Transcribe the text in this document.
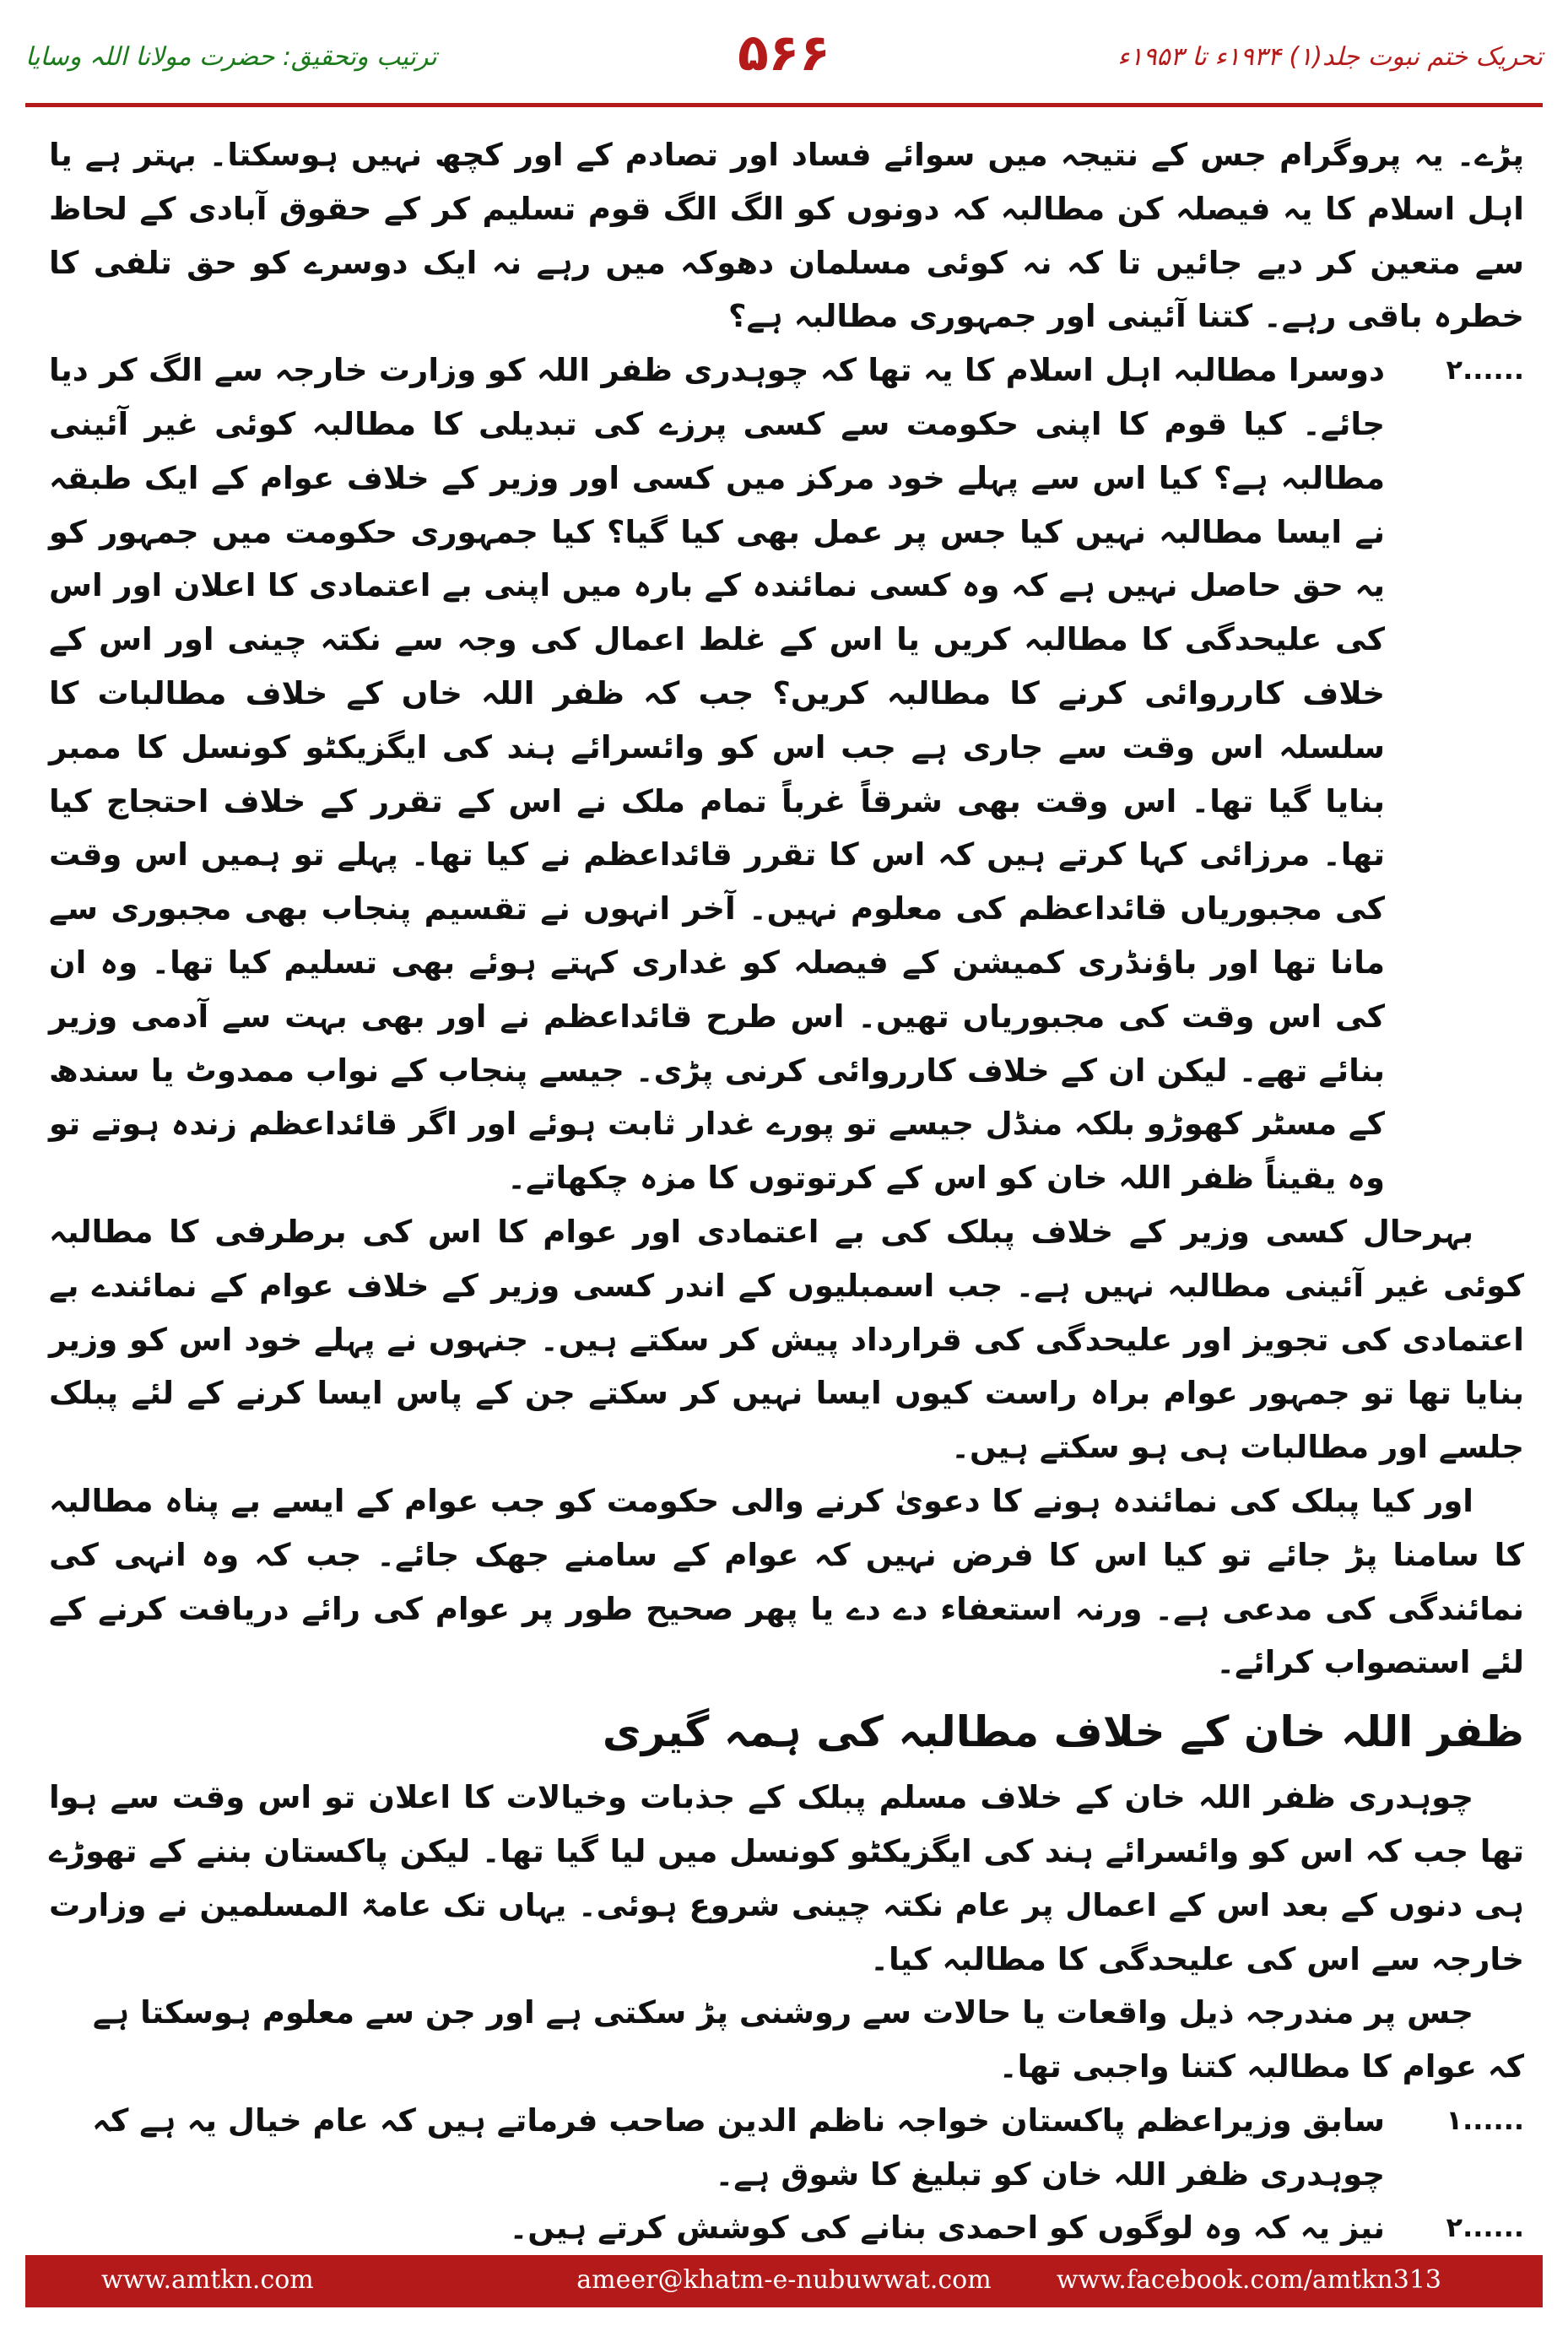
ترتیب وتحقیق: حضرت مولانا اللہ وسایا	۵۶۶	تحریک ختم نبوت جلد(۱) ۱۹۳۴ء تا ۱۹۵۳ء

پڑے۔ یہ پروگرام جس کے نتیجہ میں سوائے فساد اور تصادم کے اور کچھ نہیں ہوسکتا۔ بہتر ہے یا اہل اسلام کا یہ فیصلہ کن مطالبہ کہ دونوں کو الگ الگ قوم تسلیم کر کے حقوق آبادی کے لحاظ سے متعین کر دیے جائیں تا کہ نہ کوئی مسلمان دھوکہ میں رہے نہ ایک دوسرے کو حق تلفی کا خطرہ باقی رہے۔ کتنا آئینی اور جمہوری مطالبہ ہے؟

۲......
دوسرا مطالبہ اہل اسلام کا یہ تھا کہ چوہدری ظفر اللہ کو وزارت خارجہ سے الگ کر دیا جائے۔ کیا قوم کا اپنی حکومت سے کسی پرزے کی تبدیلی کا مطالبہ کوئی غیر آئینی مطالبہ ہے؟ کیا اس سے پہلے خود مرکز میں کسی اور وزیر کے خلاف عوام کے ایک طبقہ نے ایسا مطالبہ نہیں کیا جس پر عمل بھی کیا گیا؟ کیا جمہوری حکومت میں جمہور کو یہ حق حاصل نہیں ہے کہ وہ کسی نمائندہ کے بارہ میں اپنی بے اعتمادی کا اعلان اور اس کی علیحدگی کا مطالبہ کریں یا اس کے غلط اعمال کی وجہ سے نکتہ چینی اور اس کے خلاف کارروائی کرنے کا مطالبہ کریں؟ جب کہ ظفر اللہ خاں کے خلاف مطالبات کا سلسلہ اس وقت سے جاری ہے جب اس کو وائسرائے ہند کی ایگزیکٹو کونسل کا ممبر بنایا گیا تھا۔ اس وقت بھی شرقاً غرباً تمام ملک نے اس کے تقرر کے خلاف احتجاج کیا تھا۔ مرزائی کہا کرتے ہیں کہ اس کا تقرر قائداعظم نے کیا تھا۔ پہلے تو ہمیں اس وقت کی مجبوریاں قائداعظم کی معلوم نہیں۔ آخر انہوں نے تقسیم پنجاب بھی مجبوری سے مانا تھا اور باؤنڈری کمیشن کے فیصلہ کو غداری کہتے ہوئے بھی تسلیم کیا تھا۔ وہ ان کی اس وقت کی مجبوریاں تھیں۔ اس طرح قائداعظم نے اور بھی بہت سے آدمی وزیر بنائے تھے۔ لیکن ان کے خلاف کارروائی کرنی پڑی۔ جیسے پنجاب کے نواب ممدوٹ یا سندھ کے مسٹر کھوڑو بلکہ منڈل جیسے تو پورے غدار ثابت ہوئے اور اگر قائداعظم زندہ ہوتے تو وہ یقیناً ظفر اللہ خان کو اس کے کرتوتوں کا مزہ چکھاتے۔

بہرحال کسی وزیر کے خلاف پبلک کی بے اعتمادی اور عوام کا اس کی برطرفی کا مطالبہ کوئی غیر آئینی مطالبہ نہیں ہے۔ جب اسمبلیوں کے اندر کسی وزیر کے خلاف عوام کے نمائندے بے اعتمادی کی تجویز اور علیحدگی کی قرارداد پیش کر سکتے ہیں۔ جنہوں نے پہلے خود اس کو وزیر بنایا تھا تو جمہور عوام براہ راست کیوں ایسا نہیں کر سکتے جن کے پاس ایسا کرنے کے لئے پبلک جلسے اور مطالبات ہی ہو سکتے ہیں۔

اور کیا پبلک کی نمائندہ ہونے کا دعویٰ کرنے والی حکومت کو جب عوام کے ایسے بے پناہ مطالبہ کا سامنا پڑ جائے تو کیا اس کا فرض نہیں کہ عوام کے سامنے جھک جائے۔ جب کہ وہ انہی کی نمائندگی کی مدعی ہے۔ ورنہ استعفاء دے دے یا پھر صحیح طور پر عوام کی رائے دریافت کرنے کے لئے استصواب کرائے۔

ظفر اللہ خان کے خلاف مطالبہ کی ہمہ گیری

چوہدری ظفر اللہ خان کے خلاف مسلم پبلک کے جذبات وخیالات کا اعلان تو اس وقت سے ہوا تھا جب کہ اس کو وائسرائے ہند کی ایگزیکٹو کونسل میں لیا گیا تھا۔ لیکن پاکستان بننے کے تھوڑے ہی دنوں کے بعد اس کے اعمال پر عام نکتہ چینی شروع ہوئی۔ یہاں تک عامۃ المسلمین نے وزارت خارجہ سے اس کی علیحدگی کا مطالبہ کیا۔

جس پر مندرجہ ذیل واقعات یا حالات سے روشنی پڑ سکتی ہے اور جن سے معلوم ہوسکتا ہے کہ عوام کا مطالبہ کتنا واجبی تھا۔

۱......
سابق وزیراعظم پاکستان خواجہ ناظم الدین صاحب فرماتے ہیں کہ عام خیال یہ ہے کہ چوہدری ظفر اللہ خان کو تبلیغ کا شوق ہے۔

۲......
نیز یہ کہ وہ لوگوں کو احمدی بنانے کی کوشش کرتے ہیں۔

www.amtkn.com	ameer@khatm-e-nubuwwat.com	www.facebook.com/amtkn313
